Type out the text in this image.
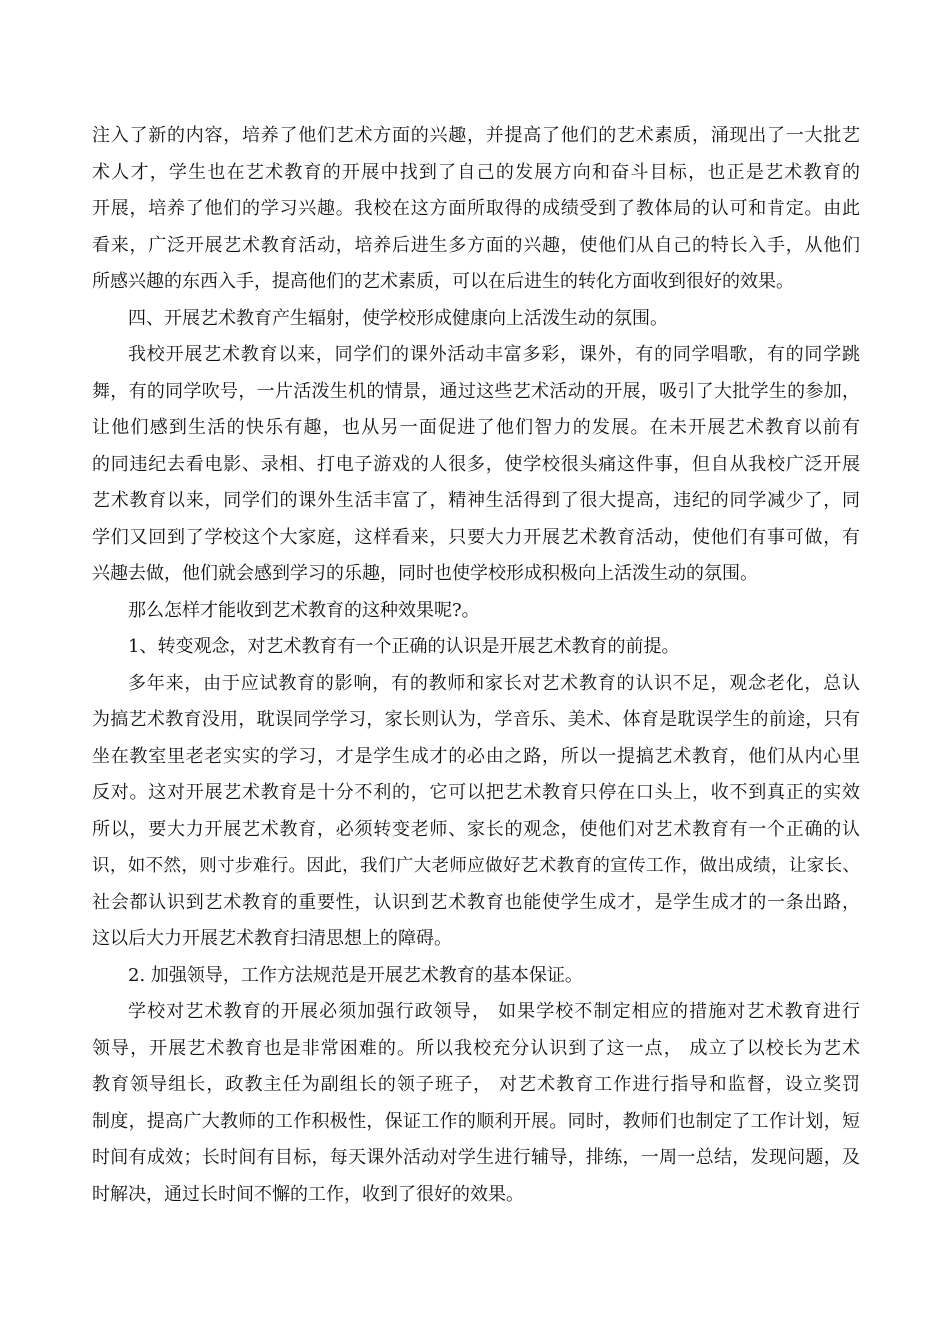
注入了新的内容，培养了他们艺术方面的兴趣，并提高了他们的艺术素质，涌现出了一大批艺
术人才，学生也在艺术教育的开展中找到了自己的发展方向和奋斗目标，也正是艺术教育的
开展，培养了他们的学习兴趣。我校在这方面所取得的成绩受到了教体局的认可和肯定。由此
看来，广泛开展艺术教育活动，培养后进生多方面的兴趣，使他们从自己的特长入手，从他们
所感兴趣的东西入手，提高他们的艺术素质，可以在后进生的转化方面收到很好的效果。
四、开展艺术教育产生辐射，使学校形成健康向上活泼生动的氛围。
我校开展艺术教育以来，同学们的课外活动丰富多彩，课外，有的同学唱歌，有的同学跳
舞，有的同学吹号，一片活泼生机的情景，通过这些艺术活动的开展，吸引了大批学生的参加，
让他们感到生活的快乐有趣，也从另一面促进了他们智力的发展。在未开展艺术教育以前有
的同违纪去看电影、录相、打电子游戏的人很多，使学校很头痛这件事，但自从我校广泛开展
艺术教育以来，同学们的课外生活丰富了，精神生活得到了很大提高，违纪的同学减少了，同
学们又回到了学校这个大家庭，这样看来，只要大力开展艺术教育活动，使他们有事可做，有
兴趣去做，他们就会感到学习的乐趣，同时也使学校形成积极向上活泼生动的氛围。
那么怎样才能收到艺术教育的这种效果呢?。
1、转变观念，对艺术教育有一个正确的认识是开展艺术教育的前提。
多年来，由于应试教育的影响，有的教师和家长对艺术教育的认识不足，观念老化，总认
为搞艺术教育没用，耽误同学学习，家长则认为，学音乐、美术、体育是耽误学生的前途，只有
坐在教室里老老实实的学习，才是学生成才的必由之路，所以一提搞艺术教育，他们从内心里
反对。这对开展艺术教育是十分不利的，它可以把艺术教育只停在口头上，收不到真正的实效
所以，要大力开展艺术教育，必须转变老师、家长的观念，使他们对艺术教育有一个正确的认
识，如不然，则寸步难行。因此，我们广大老师应做好艺术教育的宣传工作，做出成绩，让家长、
社会都认识到艺术教育的重要性，认识到艺术教育也能使学生成才，是学生成才的一条出路，
这以后大力开展艺术教育扫清思想上的障碍。
2. 加强领导，工作方法规范是开展艺术教育的基本保证。
学校对艺术教育的开展必须加强行政领导， 如果学校不制定相应的措施对艺术教育进行
领导，开展艺术教育也是非常困难的。所以我校充分认识到了这一点， 成立了以校长为艺术
教育领导组长，政教主任为副组长的领子班子， 对艺术教育工作进行指导和监督，设立奖罚
制度，提高广大教师的工作积极性，保证工作的顺利开展。同时，教师们也制定了工作计划，短
时间有成效；长时间有目标，每天课外活动对学生进行辅导，排练，一周一总结，发现问题，及
时解决，通过长时间不懈的工作，收到了很好的效果。
